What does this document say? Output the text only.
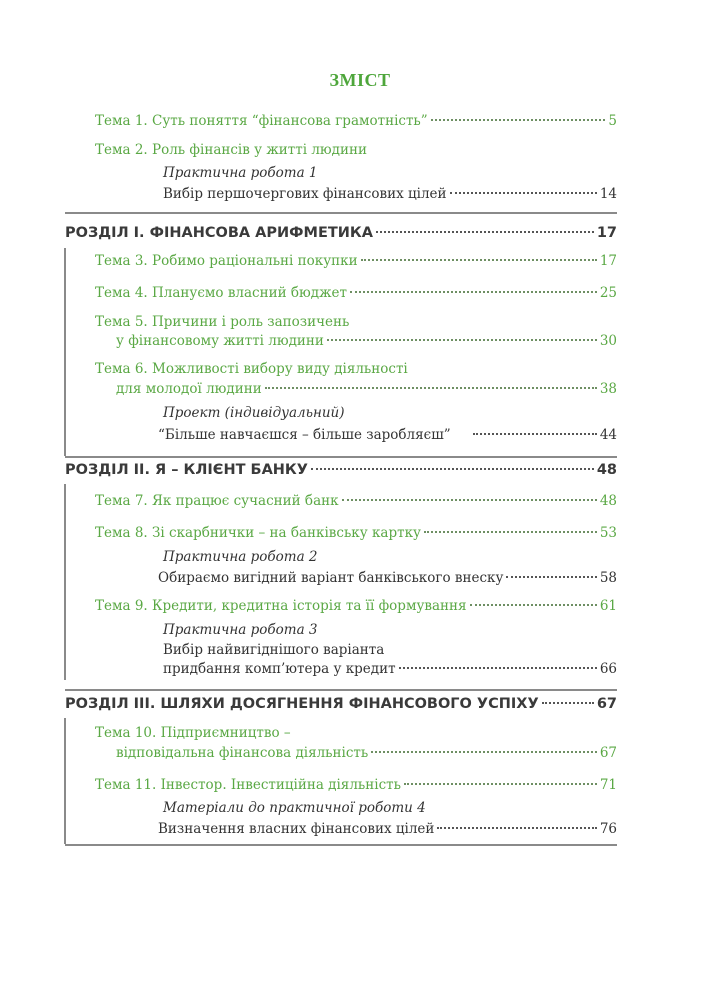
ЗМІСТ
Тема 1. Суть поняття “фінансова грамотність”	5
Тема 2. Роль фінансів у житті людини
Практична робота 1
Вибір першочергових фінансових цілей	14
РОЗДІЛ І. ФІНАНСОВА АРИФМЕТИКА	17
Тема 3. Робимо раціональні покупки	17
Тема 4. Плануємо власний бюджет	25
Тема 5. Причини і роль запозичень
у фінансовому житті людини	30
Тема 6. Можливості вибору виду діяльності
для молодої людини	38
Проект (індивідуальний)
“Більше навчаєшся – більше заробляєш”	44
РОЗДІЛ ІІ. Я – КЛІЄНТ БАНКУ	48
Тема 7. Як працює сучасний банк	48
Тема 8. Зі скарбнички – на банківську картку	53
Практична робота 2
Обираємо вигідний варіант банківського внеску	58
Тема 9. Кредити, кредитна історія та її формування	61
Практична робота 3
Вибір найвигіднішого варіанта
придбання комп’ютера у кредит	66
РОЗДІЛ ІІІ. ШЛЯХИ ДОСЯГНЕННЯ ФІНАНСОВОГО УСПІХУ	67
Тема 10. Підприємництво –
відповідальна фінансова діяльність	67
Тема 11. Інвестор. Інвестиційна діяльність	71
Матеріали до практичної роботи 4
Визначення власних фінансових цілей	76
